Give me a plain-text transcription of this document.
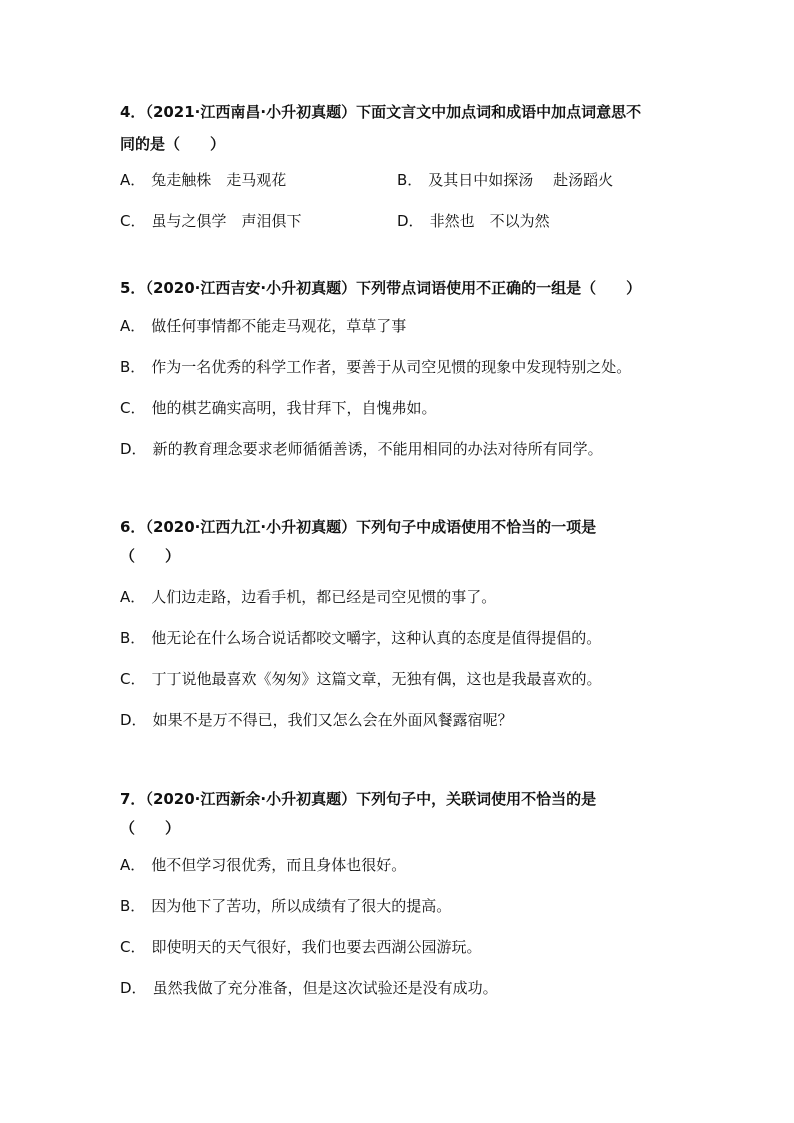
4．（2021·江西南昌·小升初真题）下面文言文中加点词和成语中加点词意思不
同的是（　　）
A． 兔走触株　走马观花	B． 及其日中如探汤　 赴汤蹈火
C． 虽与之俱学　声泪俱下	D． 非然也　不以为然
5．（2020·江西吉安·小升初真题）下列带点词语使用不正确的一组是（　　）
A． 做任何事情都不能走马观花，草草了事
B． 作为一名优秀的科学工作者，要善于从司空见惯的现象中发现特别之处。
C． 他的棋艺确实高明，我甘拜下，自愧弗如。
D． 新的教育理念要求老师循循善诱，不能用相同的办法对待所有同学。
6．（2020·江西九江·小升初真题）下列句子中成语使用不恰当的一项是
（　　）
A． 人们边走路，边看手机，都已经是司空见惯的事了。
B． 他无论在什么场合说话都咬文嚼字，这种认真的态度是值得提倡的。
C． 丁丁说他最喜欢《匆匆》这篇文章，无独有偶，这也是我最喜欢的。
D． 如果不是万不得已，我们又怎么会在外面风餐露宿呢？
7．（2020·江西新余·小升初真题）下列句子中，关联词使用不恰当的是
（　　）
A． 他不但学习很优秀，而且身体也很好。
B． 因为他下了苦功，所以成绩有了很大的提高。
C． 即使明天的天气很好，我们也要去西湖公园游玩。
D． 虽然我做了充分准备，但是这次试验还是没有成功。
